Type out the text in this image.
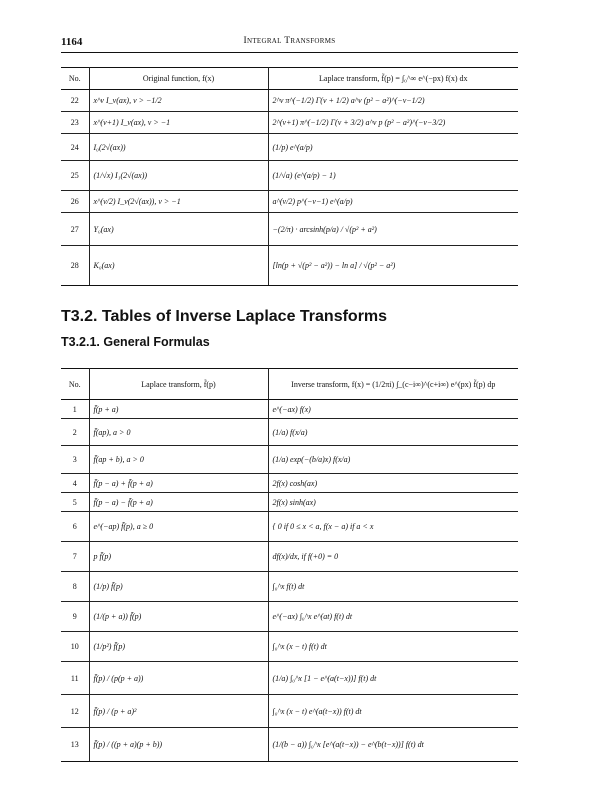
1164	Integral Transforms
No.	Original function, f(x)	Laplace transform, f̃(p) = ∫₀^∞ e^(−px) f(x) dx
22	x^ν I_ν(ax), ν > −1/2	2^ν π^(−1/2) Γ(ν + 1/2) a^ν (p² − a²)^(−ν−1/2)
23	x^(ν+1) I_ν(ax), ν > −1	2^(ν+1) π^(−1/2) Γ(ν + 3/2) a^ν p (p² − a²)^(−ν−3/2)
24	I₀(2√(ax))	(1/p) e^(a/p)
25	(1/√x) I₁(2√(ax))	(1/√a) (e^(a/p) − 1)
26	x^(ν/2) I_ν(2√(ax)), ν > −1	a^(ν/2) p^(−ν−1) e^(a/p)
27	Y₀(ax)	−(2/π) · arcsinh(p/a) / √(p² + a²)
28	K₀(ax)	[ln(p + √(p² − a²)) − ln a] / √(p² − a²)
T3.2. Tables of Inverse Laplace Transforms
T3.2.1. General Formulas
No.	Laplace transform, f̃(p)	Inverse transform, f(x) = (1/2πi) ∫_(c−i∞)^(c+i∞) e^(px) f̃(p) dp
1	f̃(p + a)	e^(−ax) f(x)
2	f̃(ap), a > 0	(1/a) f(x/a)
3	f̃(ap + b), a > 0	(1/a) exp(−(b/a)x) f(x/a)
4	f̃(p − a) + f̃(p + a)	2f(x) cosh(ax)
5	f̃(p − a) − f̃(p + a)	2f(x) sinh(ax)
6	e^(−ap) f̃(p), a ≥ 0	{ 0 if 0 ≤ x < a, f(x − a) if a < x
7	p f̃(p)	df(x)/dx, if f(+0) = 0
8	(1/p) f̃(p)	∫₀^x f(t) dt
9	(1/(p + a)) f̃(p)	e^(−ax) ∫₀^x e^(at) f(t) dt
10	(1/p²) f̃(p)	∫₀^x (x − t) f(t) dt
11	f̃(p) / (p(p + a))	(1/a) ∫₀^x [1 − e^(a(t−x))] f(t) dt
12	f̃(p) / (p + a)²	∫₀^x (x − t) e^(a(t−x)) f(t) dt
13	f̃(p) / ((p + a)(p + b))	(1/(b − a)) ∫₀^x [e^(a(t−x)) − e^(b(t−x))] f(t) dt
